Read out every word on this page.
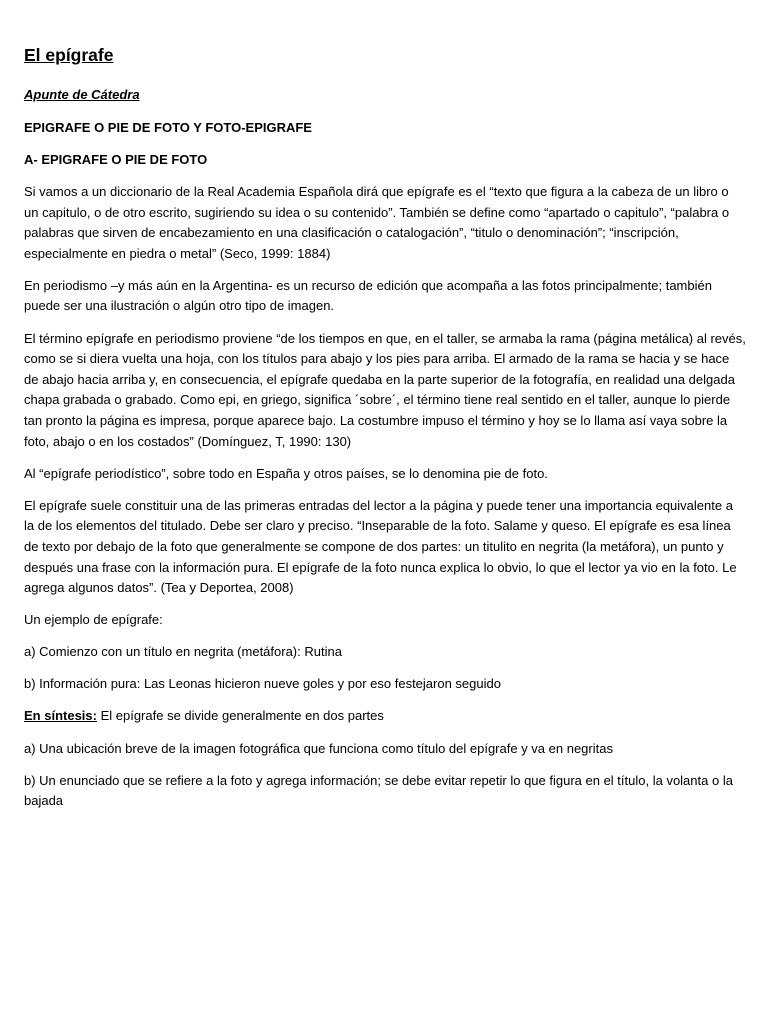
El epígrafe
Apunte de Cátedra
EPIGRAFE O PIE DE FOTO Y FOTO-EPIGRAFE
A- EPIGRAFE O PIE DE FOTO

Si vamos a un diccionario de la Real Academia Española dirá que epígrafe es el “texto que figura a la cabeza de un libro o un capitulo, o de otro escrito, sugiriendo su idea o su contenido”. También se define como “apartado o capitulo”, “palabra o palabras que sirven de encabezamiento en una clasificación o catalogación”, “titulo o denominación”; “inscripción, especialmente en piedra o metal” (Seco, 1999: 1884)

En periodismo –y más aún en la Argentina- es un recurso de edición que acompaña a las fotos principalmente; también puede ser una ilustración o algún otro tipo de imagen.

El término epígrafe en periodismo proviene “de los tiempos en que, en el taller, se armaba la rama (página metálica) al revés, como se si diera vuelta una hoja, con los títulos para abajo y los pies para arriba. El armado de la rama se hacia y se hace de abajo hacia arriba y, en consecuencia, el epígrafe quedaba en la parte superior de la fotografía, en realidad una delgada chapa grabada o grabado. Como epi, en griego, significa ´sobre´, el término tiene real sentido en el taller, aunque lo pierde tan pronto la página es impresa, porque aparece bajo. La costumbre impuso el término y hoy se lo llama así vaya sobre la foto, abajo o en los costados” (Domínguez, T, 1990: 130)

Al “epígrafe periodístico”, sobre todo en España y otros países, se lo denomina pie de foto.

El epígrafe suele constituir una de las primeras entradas del lector a la página y puede tener una importancia equivalente a la de los elementos del titulado. Debe ser claro y preciso. “Inseparable de la foto. Salame y queso. El epígrafe es esa línea de texto por debajo de la foto que generalmente se compone de dos partes: un titulito en negrita (la metáfora), un punto y después una frase con la información pura. El epígrafe de la foto nunca explica lo obvio, lo que el lector ya vio en la foto. Le agrega algunos datos”. (Tea y Deportea, 2008)

Un ejemplo de epígrafe:

a) Comienzo con un título en negrita (metáfora): Rutina

b) Información pura: Las Leonas hicieron nueve goles y por eso festejaron seguido

En síntesis: El epígrafe se divide generalmente en dos partes

a) Una ubicación breve de la imagen fotográfica que funciona como título del epígrafe y va en negritas

b) Un enunciado que se refiere a la foto y agrega información; se debe evitar repetir lo que figura en el título, la volanta o la bajada
